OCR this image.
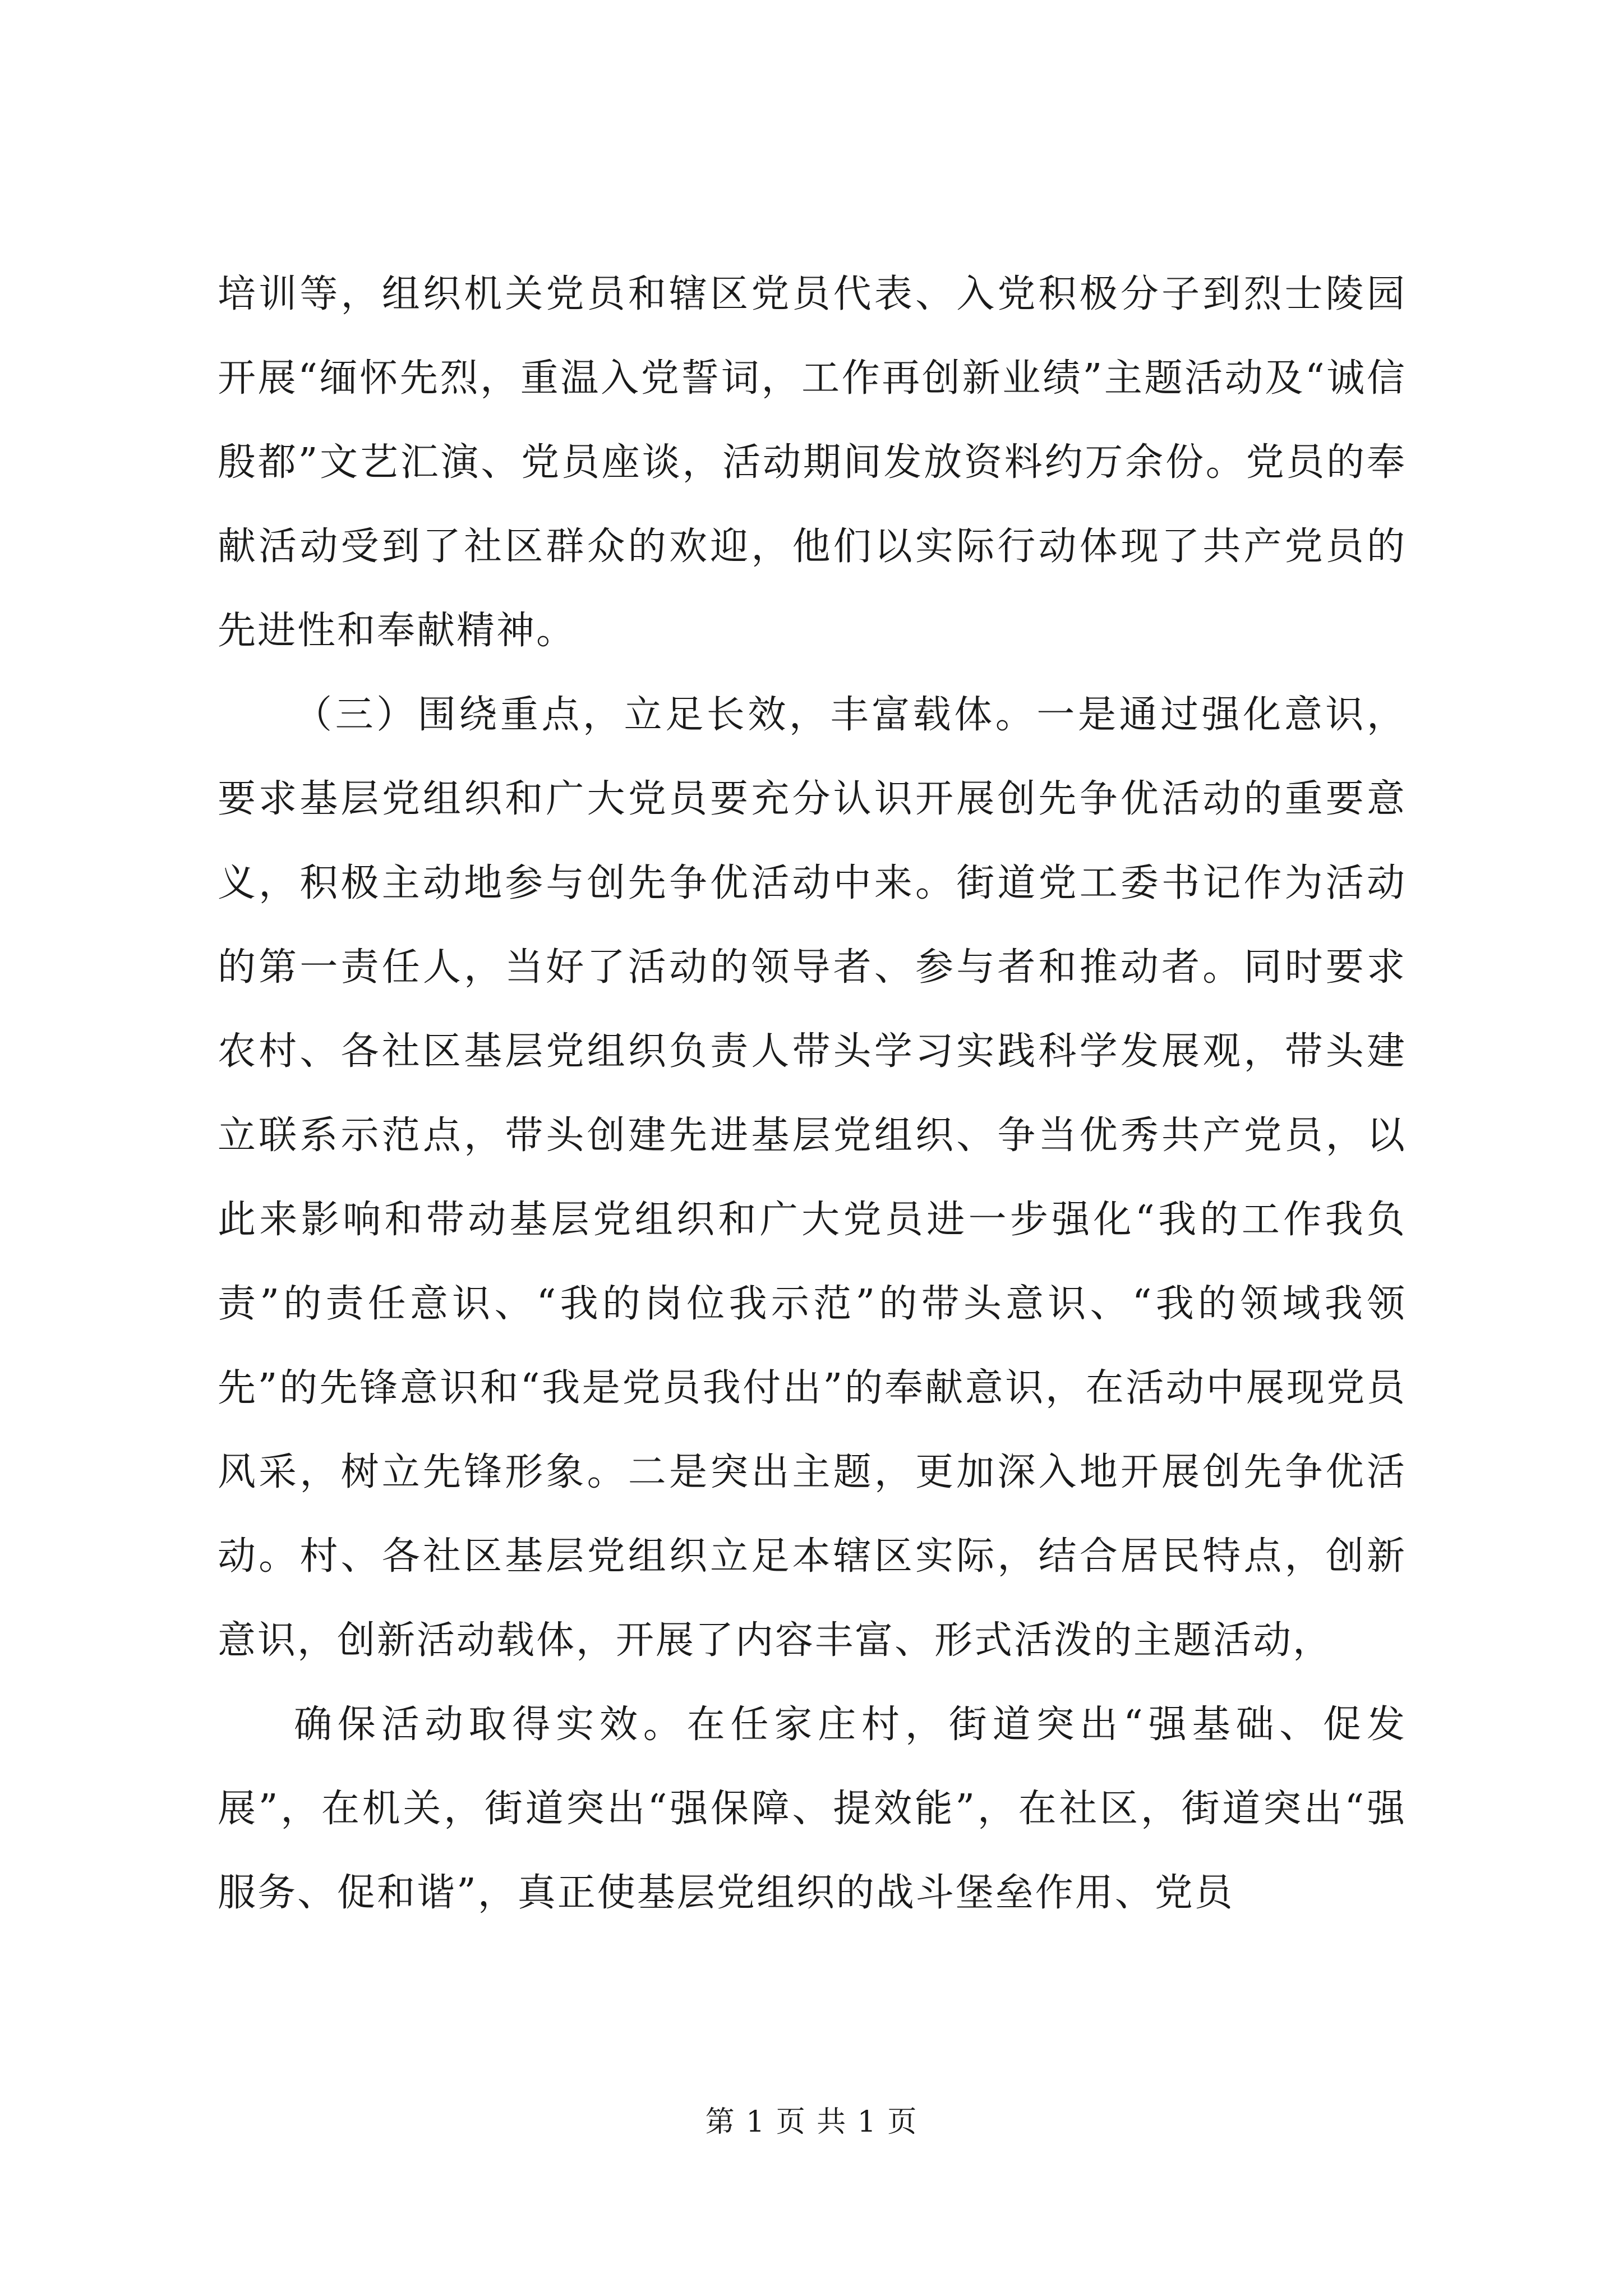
培训等，组织机关党员和辖区党员代表、入党积极分子到烈士陵园开展“缅怀先烈，重温入党誓词，工作再创新业绩”主题活动及“诚信殷都”文艺汇演、党员座谈，活动期间发放资料约万余份。党员的奉献活动受到了社区群众的欢迎，他们以实际行动体现了共产党员的先进性和奉献精神。

（三）围绕重点，立足长效，丰富载体。一是通过强化意识，要求基层党组织和广大党员要充分认识开展创先争优活动的重要意义，积极主动地参与创先争优活动中来。街道党工委书记作为活动的第一责任人，当好了活动的领导者、参与者和推动者。同时要求农村、各社区基层党组织负责人带头学习实践科学发展观，带头建立联系示范点，带头创建先进基层党组织、争当优秀共产党员，以此来影响和带动基层党组织和广大党员进一步强化“我的工作我负责”的责任意识、“我的岗位我示范”的带头意识、“我的领域我领先”的先锋意识和“我是党员我付出”的奉献意识，在活动中展现党员风采，树立先锋形象。二是突出主题，更加深入地开展创先争优活动。村、各社区基层党组织立足本辖区实际，结合居民特点，创新意识，创新活动载体，开展了内容丰富、形式活泼的主题活动，

确保活动取得实效。在任家庄村，街道突出“强基础、促发展”，在机关，街道突出“强保障、提效能”，在社区，街道突出“强服务、促和谐”，真正使基层党组织的战斗堡垒作用、党员

第 1 页 共 1 页
